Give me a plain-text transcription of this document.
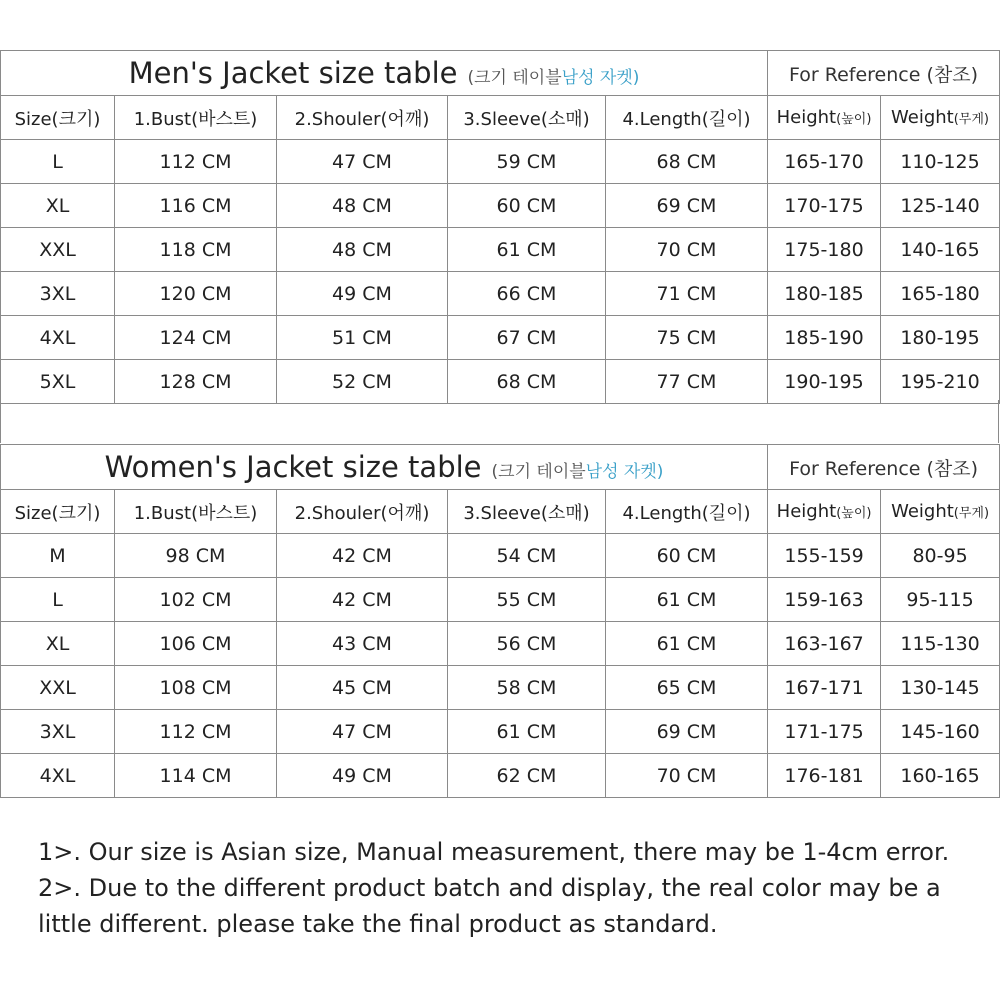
Men's Jacket size table (크기 테이블남성 자켓)					For Reference (참조)	
Size(크기)	1.Bust(바스트)	2.Shouler(어깨)	3.Sleeve(소매)	4.Length(길이)	Height(높이)	Weight(무게)
L	112 CM	47 CM	59 CM	68 CM	165-170	110-125
XL	116 CM	48 CM	60 CM	69 CM	170-175	125-140
XXL	118 CM	48 CM	61 CM	70 CM	175-180	140-165
3XL	120 CM	49 CM	66 CM	71 CM	180-185	165-180
4XL	124 CM	51 CM	67 CM	75 CM	185-190	180-195
5XL	128 CM	52 CM	68 CM	77 CM	190-195	195-210
Women's Jacket size table (크기 테이블남성 자켓)					For Reference (참조)	
Size(크기)	1.Bust(바스트)	2.Shouler(어깨)	3.Sleeve(소매)	4.Length(길이)	Height(높이)	Weight(무게)
M	98 CM	42 CM	54 CM	60 CM	155-159	80-95
L	102 CM	42 CM	55 CM	61 CM	159-163	95-115
XL	106 CM	43 CM	56 CM	61 CM	163-167	115-130
XXL	108 CM	45 CM	58 CM	65 CM	167-171	130-145
3XL	112 CM	47 CM	61 CM	69 CM	171-175	145-160
4XL	114 CM	49 CM	62 CM	70 CM	176-181	160-165

1>. Our size is Asian size, Manual measurement, there may be 1-4cm error.

2>. Due to the different product batch and display, the real color may be a little different. please take the final product as standard.
